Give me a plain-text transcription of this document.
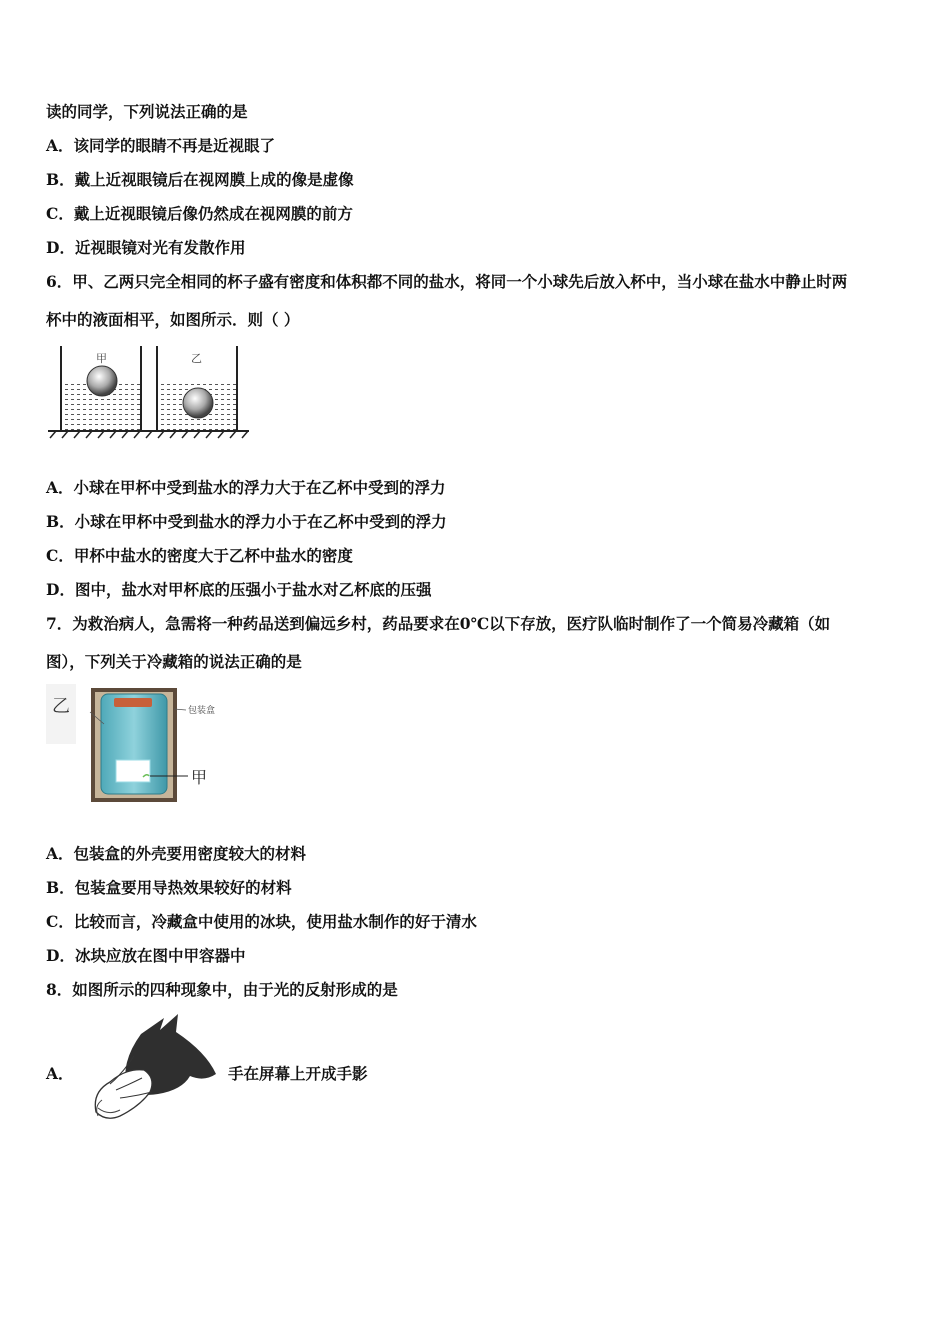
读的同学，下列说法正确的是
A．该同学的眼睛不再是近视眼了
B．戴上近视眼镜后在视网膜上成的像是虚像
C．戴上近视眼镜后像仍然成在视网膜的前方
D．近视眼镜对光有发散作用
6．甲、乙两只完全相同的杯子盛有密度和体积都不同的盐水，将同一个小球先后放入杯中，当小球在盐水中静止时两
杯中的液面相平，如图所示．则（ ）
甲	乙
A．小球在甲杯中受到盐水的浮力大于在乙杯中受到的浮力
B．小球在甲杯中受到盐水的浮力小于在乙杯中受到的浮力
C．甲杯中盐水的密度大于乙杯中盐水的密度
D．图中，盐水对甲杯底的压强小于盐水对乙杯底的压强
7．为救治病人，急需将一种药品送到偏远乡村，药品要求在0℃以下存放，医疗队临时制作了一个简易冷藏箱（如
图），下列关于冷藏箱的说法正确的是
乙	包装盒
甲
A．包装盒的外壳要用密度较大的材料
B．包装盒要用导热效果较好的材料
C．比较而言，冷藏盒中使用的冰块，使用盐水制作的好于清水
D．冰块应放在图中甲容器中
8．如图所示的四种现象中，由于光的反射形成的是
A．	手在屏幕上开成手影
